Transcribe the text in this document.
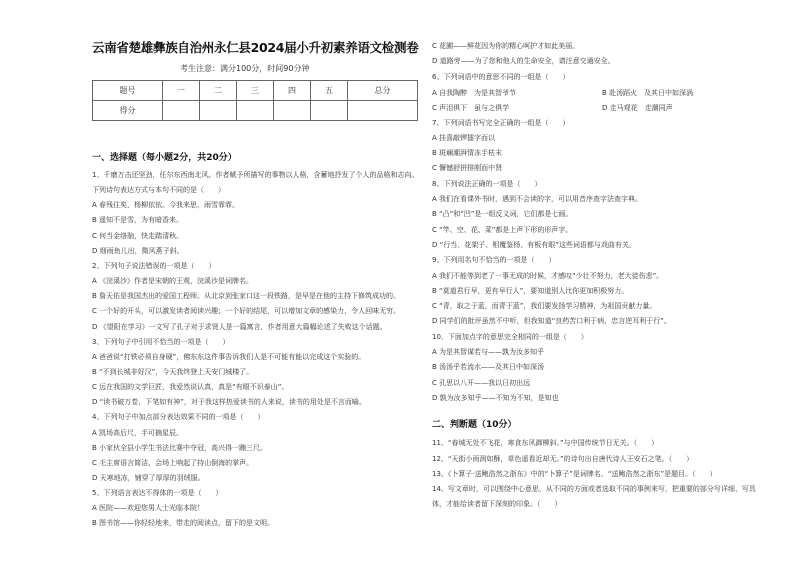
云南省楚雄彝族自治州永仁县2024届小升初素养语文检测卷
考生注意：满分100分，时间90分钟
题号	一	二	三	四	五	总分
得分						
一、选择题（每小题2分，共20分）
1、千磨万击还坚劲，任尔东西南北风。作者赋予所描写的事物以人格，含蓄地抒发了个人的品格和志向。
下列诗句表达方式与本句不同的是（　　）
A 春残往矣，杨柳依依。今我来思，雨雪霏霏。
B 遥知不是雪，为有暗香来。
C 何当金络脑，快走踏清秋。
D 细雨鱼儿出，微风燕子斜。
2、下列句子说法错误的一项是（　　）
A 《浣溪沙》作者是宋朝的王观，浣溪沙是词牌名。
B 詹天佑是我国杰出的爱国工程师。从北京到张家口这一段铁路，是早是在他的主持下修筑成功的。
C 一个好的开头，可以激发读者阅读兴趣；一个好的结尾，可以增加文章的感染力，令人回味无穷。
D 《望阳在学习》一文写了孔子对于求贤人是一篇寓言，作者用意大篇幅论述了失败这个话题。
3、下列句子中引用不恰当的一项是（　　）
A 爸爸说“打铁必须自身硬”，佛东东这件事告诉我们人是不可能有能以完成这个实验的。
B “不到长城非好汉”，今天我终登上天安门城楼了。
C 远在我国的文学巨匠，我爱然说认真，真是“有眼不识泰山”。
D “读书破万卷，下笔如有神”，对于我这样热爱读书的人来说，读书的用处是不言而喻。
4、下列句子中加点部分表达效果不同的一项是（　　）
A 凯场高后尺，手可摘星辰。
B 小家伙全县小学生书法比赛中夺冠，高兴得一蹦三尺。
C 毛主席语言简洁，会场上响起了持山倒海的掌声。
D 天寒地冻，铺穿了厚厚的羽绒服。
5、下列语言表达不得体的一项是（　　）
A 医院——欢迎您男人士光临本院！
B 图书馆——你轻轻地来，带走的阅读点，留下的是文明。
C 花圃——鲜花因为你的精心呵护才如此美丽。
D 道路旁——为了您和他人的生命安全，请注意交通安全。
6、下列词语中的意思不同的一组是（　　）
A 自我陶醉　为是其智爷节	B 赴汤蹈火　及其日中如深涡
C 声泪俱下　虽与之俱学	D 走马观花　走潮同声
7、下列词语书写完全正确的一组是（　　）
A 挂喜敲锣擂字而以
B 斑斓潮湃情冻手枯末
C 懈憾舒拼排刚而中贤
8、下列说法正确的一项是（　　）
A 我们在看课外书时，遇到不会读的字，可以用音序查字法查字典。
B “凸”和“凹”是一组反义词，它们都是七画。
C “竿、空、花、菜”都是上声下形的形声字。
D “行当、花架子、相覆鉴杨、有板有眼”这些词语都与戏曲有关。
9、下列用名句不恰当的一项是（　　）
A 我们不能等到老了一事无成的时候，才感叹“少壮不努力，老大徒伤悲”。
B “莫道君行早，更有早行人”，要知道别人比你更加积极努力。
C “青，取之于蓝，而青于蓝”，我们要发扬学习精神，为祖国贡献力量。
D 同学们的批评虽然不中听，但我知道“良药苦口利于病，忠言逆耳利于行”。
10、下面加点字的意思完全相同的一组是（　　）
A 为是其智谋若与——孰为汝多知乎
B 汤汤乎若流水——及其日中如深汤
C 孔思以八开——我以日初出远
D 孰为汝多知乎——不知为不知，是知也
二、判断题（10分）
11、“春城无处不飞花，寒食东风御柳斜。”与中国传统节日无关。（　　）
12、“天街小雨润如酥，草色遥看近却无。”的诗句出自唐代诗人王安石之笔。（　　）
13、《卜算子·送鲍浩然之浙东》中的“卜算子”是词牌名，“送鲍浩然之浙东”是题目。（　　）
14、写文章时，可以围绕中心意思，从不同的方面或者选取不同的事例来写，把重要的部分写详细、写具
体，才能给读者留下深刻的印象。（　　）
